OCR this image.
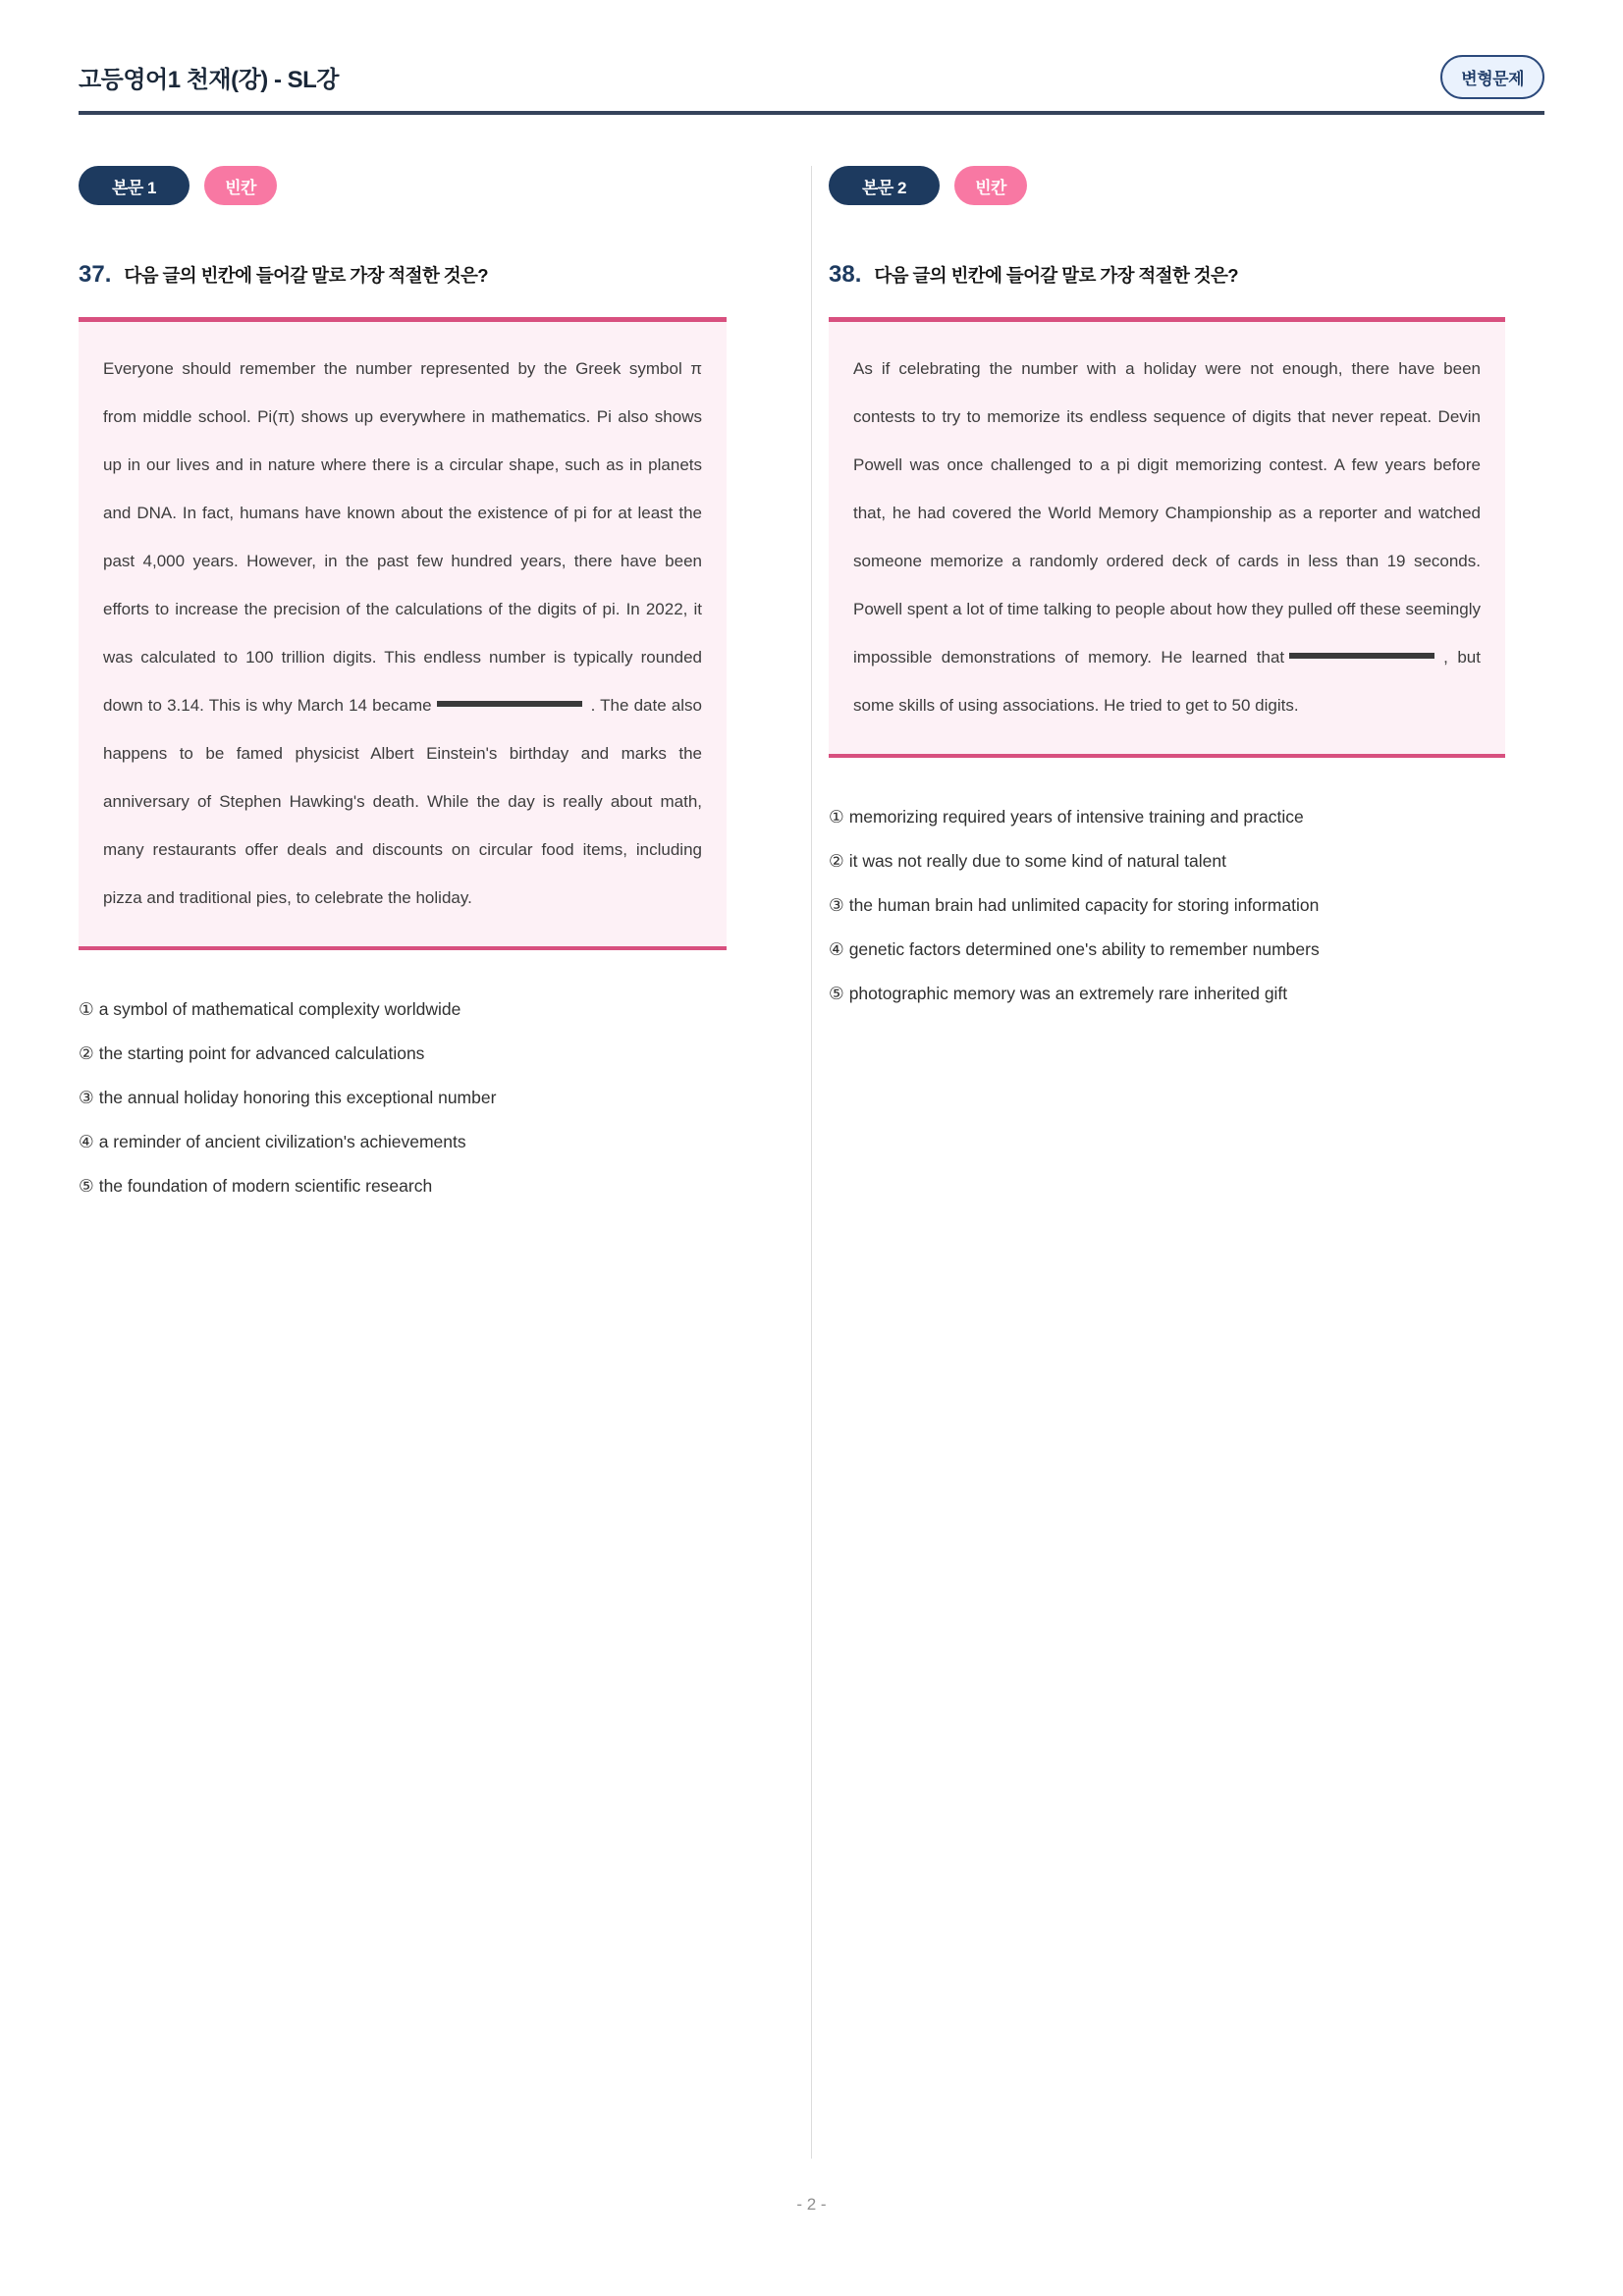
고등영어1 천재(강) - SL강	변형문제
본문 1	빈칸
37. 다음 글의 빈칸에 들어갈 말로 가장 적절한 것은?
Everyone should remember the number represented by the Greek symbol π from middle school. Pi(π) shows up everywhere in mathematics. Pi also shows up in our lives and in nature where there is a circular shape, such as in planets and DNA. In fact, humans have known about the existence of pi for at least the past 4,000 years. However, in the past few hundred years, there have been efforts to increase the precision of the calculations of the digits of pi. In 2022, it was calculated to 100 trillion digits. This endless number is typically rounded down to 3.14. This is why March 14 became	. The date also happens to be famed physicist Albert Einstein's birthday and marks the anniversary of Stephen Hawking's death. While the day is really about math, many restaurants offer deals and discounts on circular food items, including pizza and traditional pies, to celebrate the holiday.
① a symbol of mathematical complexity worldwide
② the starting point for advanced calculations
③ the annual holiday honoring this exceptional number
④ a reminder of ancient civilization's achievements
⑤ the foundation of modern scientific research
본문 2	빈칸
38. 다음 글의 빈칸에 들어갈 말로 가장 적절한 것은?
As if celebrating the number with a holiday were not enough, there have been contests to try to memorize its endless sequence of digits that never repeat. Devin Powell was once challenged to a pi digit memorizing contest. A few years before that, he had covered the World Memory Championship as a reporter and watched someone memorize a randomly ordered deck of cards in less than 19 seconds. Powell spent a lot of time talking to people about how they pulled off these seemingly impossible demonstrations of memory. He learned that	, but some skills of using associations. He tried to get to 50 digits.
① memorizing required years of intensive training and practice
② it was not really due to some kind of natural talent
③ the human brain had unlimited capacity for storing information
④ genetic factors determined one's ability to remember numbers
⑤ photographic memory was an extremely rare inherited gift
- 2 -
